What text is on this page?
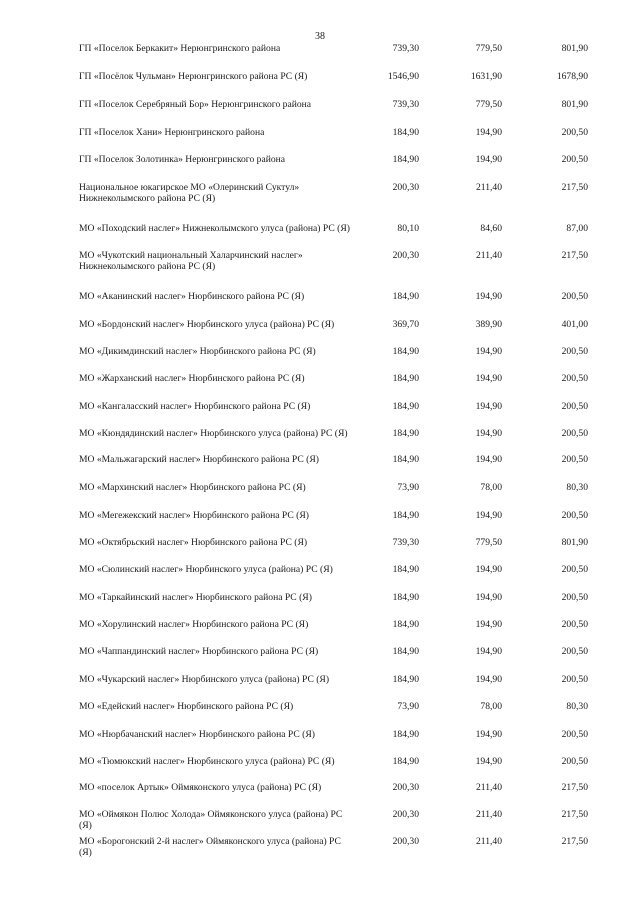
38
ГП «Поселок Беркакит» Нерюнгринского района	739,30	779,50	801,90
ГП «Посёлок Чульман» Нерюнгринского района РС (Я)	1546,90	1631,90	1678,90
ГП «Поселок Серебряный Бор» Нерюнгринского района	739,30	779,50	801,90
ГП «Поселок Хани» Нерюнгринского района	184,90	194,90	200,50
ГП «Поселок Золотинка» Нерюнгринского района	184,90	194,90	200,50
Национальное юкагирское МО «Олеринский Суктул» Нижнеколымского района РС (Я)
200,30	211,40	217,50
МО «Походский наслег» Нижнеколымского улуса (района) РС (Я)	80,10	84,60	87,00
МО «Чукотский национальный Халарчинский наслег» Нижнеколымского района РС (Я)
200,30	211,40	217,50
МО «Аканинский наслег» Нюрбинского района РС (Я)	184,90	194,90	200,50
МО «Бордонский наслег» Нюрбинского улуса (района) РС (Я)	369,70	389,90	401,00
МО «Дикимдинский наслег» Нюрбинского района РС (Я)	184,90	194,90	200,50
МО «Жарханский наслег» Нюрбинского района РС (Я)	184,90	194,90	200,50
МО «Кангаласский наслег» Нюрбинского района РС (Я)	184,90	194,90	200,50
МО «Кюндядинский наслег» Нюрбинского улуса (района) РС (Я)	184,90	194,90	200,50
МО «Мальжагарский наслег» Нюрбинского района РС (Я)	184,90	194,90	200,50
МО «Мархинский наслег» Нюрбинского района РС (Я)	73,90	78,00	80,30
МО «Мегежекский наслег» Нюрбинского района РС (Я)	184,90	194,90	200,50
МО «Октябрьский наслег» Нюрбинского района РС (Я)	739,30	779,50	801,90
МО «Сюлинский наслег» Нюрбинского улуса (района) РС (Я)	184,90	194,90	200,50
МО «Таркайинский наслег» Нюрбинского района РС (Я)	184,90	194,90	200,50
МО «Хорулинский наслег» Нюрбинского района РС (Я)	184,90	194,90	200,50
МО «Чаппандинский наслег» Нюрбинского района РС (Я)	184,90	194,90	200,50
МО «Чукарский наслег» Нюрбинского улуса (района) РС (Я)	184,90	194,90	200,50
МО «Едейский наслег» Нюрбинского района РС (Я)	73,90	78,00	80,30
МО «Нюрбачанский наслег» Нюрбинского района РС (Я)	184,90	194,90	200,50
МО «Тюмюкский наслег» Нюрбинского улуса (района) РС (Я)	184,90	194,90	200,50
МО «поселок Артык» Оймяконского улуса (района) РС (Я)	200,30	211,40	217,50
МО «Оймякон Полюс Холода» Оймяконского улуса (района) РС (Я)
200,30	211,40	217,50
МО «Борогонский 2-й наслег» Оймяконского улуса (района) РС (Я)
200,30	211,40	217,50
